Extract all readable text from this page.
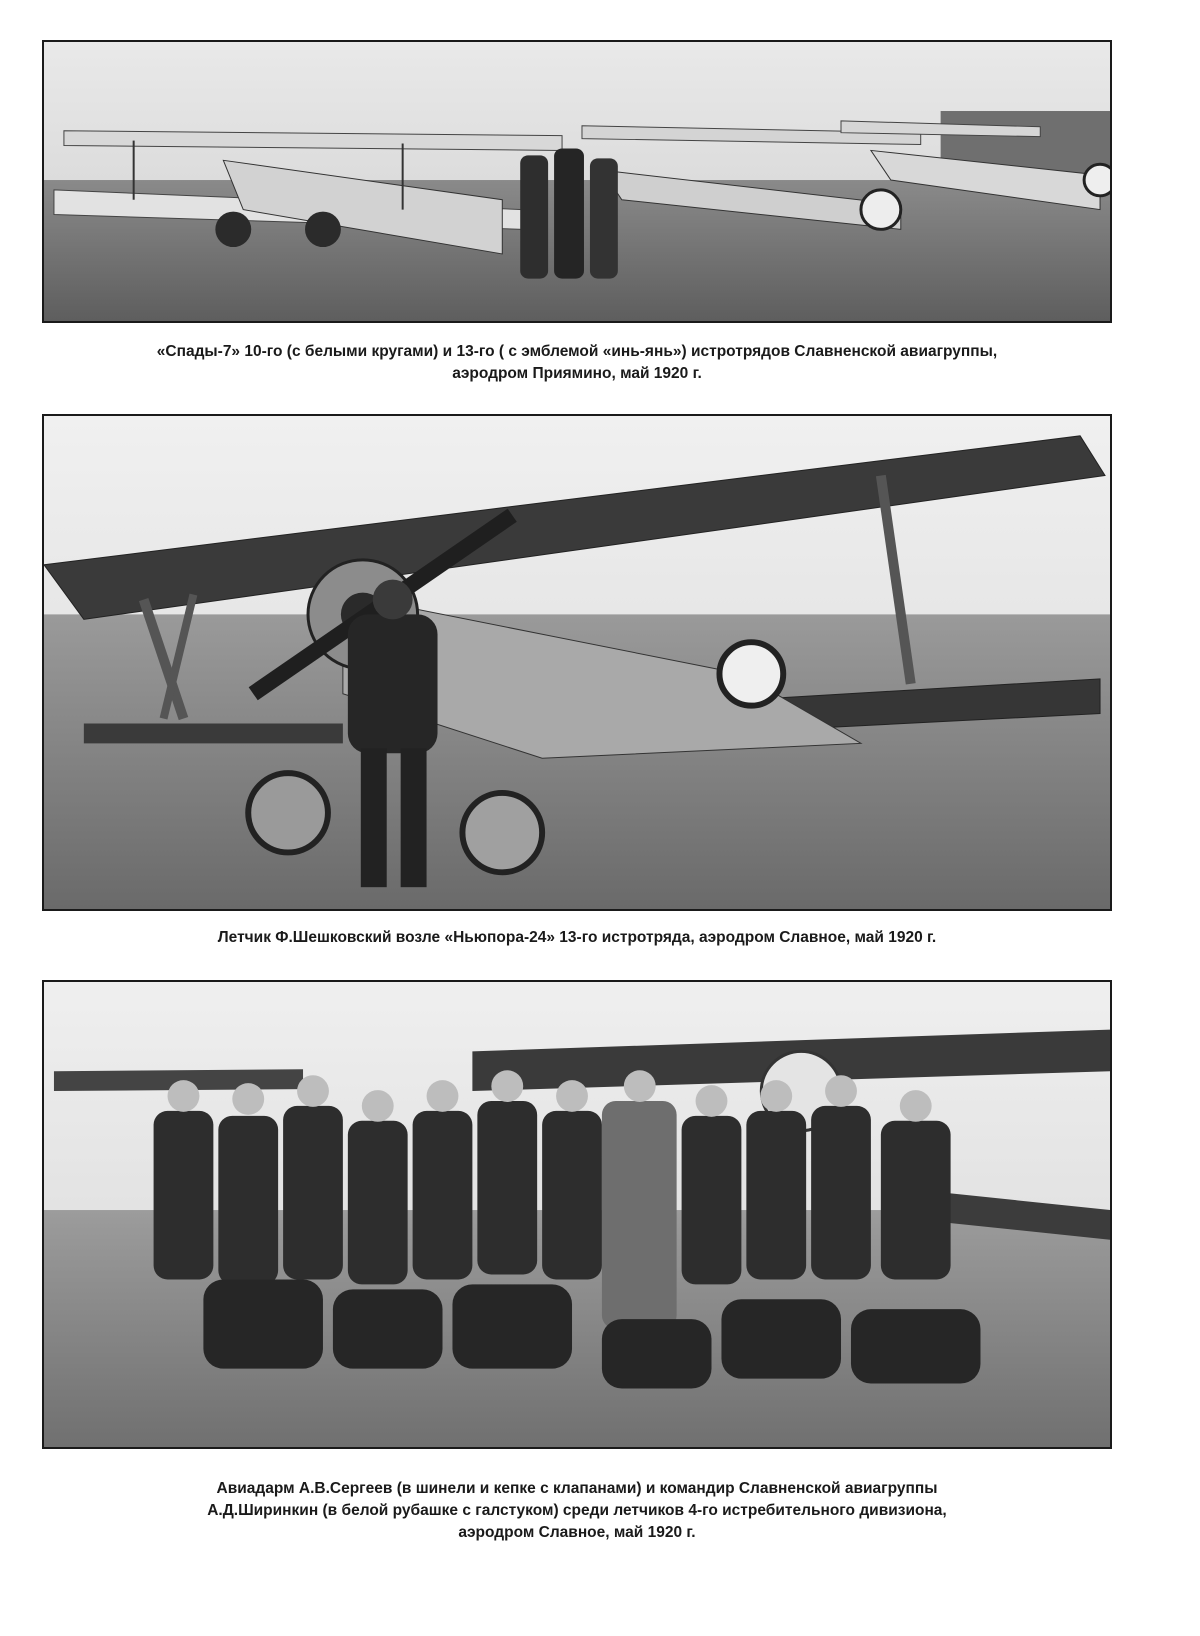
«Спады-7» 10-го (с белыми кругами) и 13-го ( с эмблемой «инь-янь») истротрядов Славненской авиагруппы,
аэродром Приямино, май 1920 г.
Летчик Ф.Шешковский возле «Ньюпора-24» 13-го истротряда, аэродром Славное, май 1920 г.
Авиадарм А.В.Сергеев (в шинели и кепке с клапанами) и командир Славненской авиагруппы
А.Д.Ширинкин (в белой рубашке с галстуком) среди летчиков 4-го истребительного дивизиона,
аэродром Славное, май 1920 г.
